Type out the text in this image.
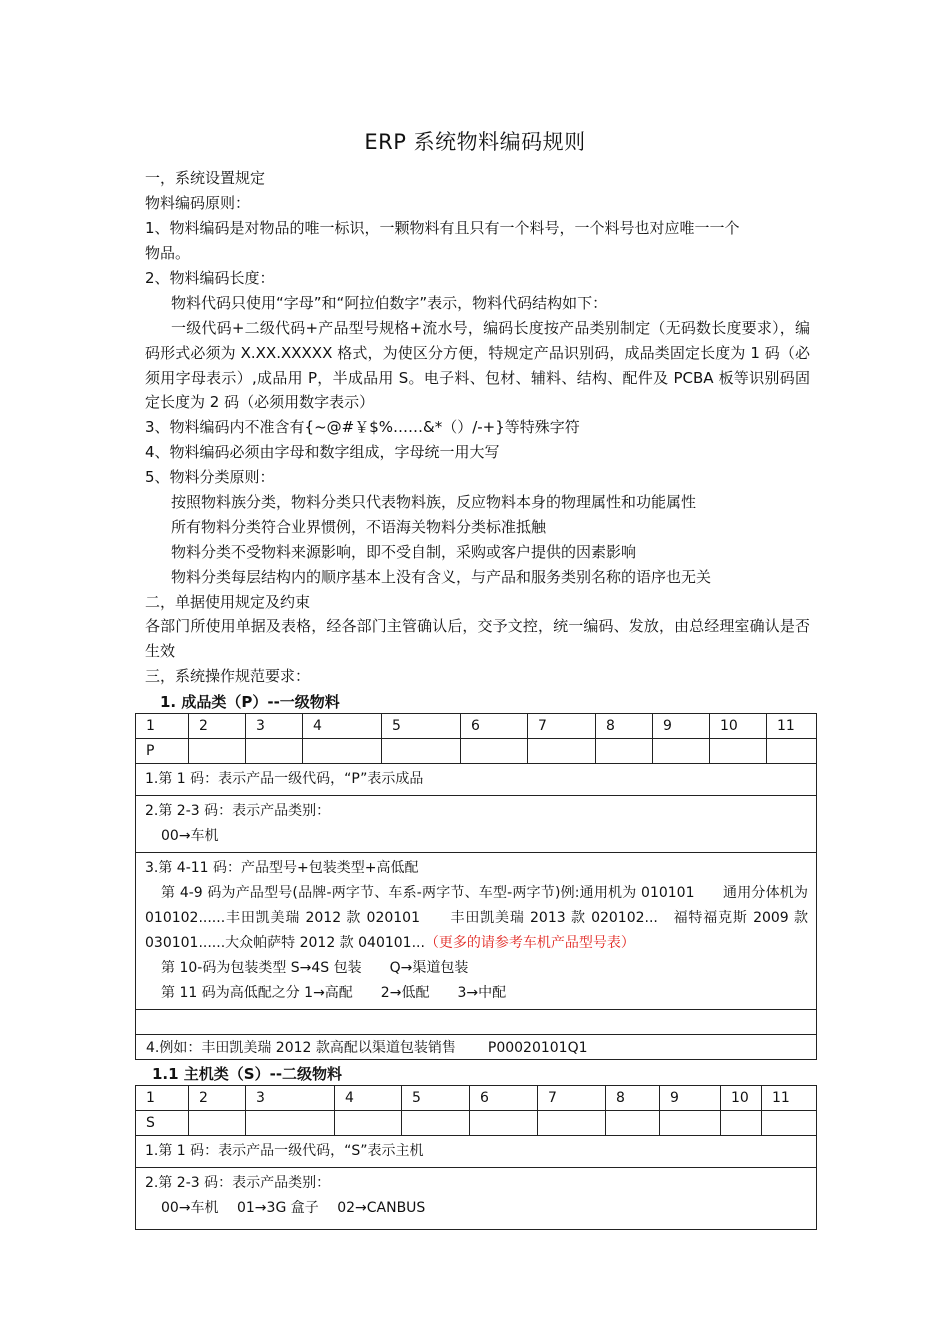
ERP 系统物料编码规则
一，系统设置规定
物料编码原则：
1、物料编码是对物品的唯一标识，一颗物料有且只有一个料号，一个料号也对应唯一一个
物品。
2、物料编码长度：
物料代码只使用“字母”和“阿拉伯数字”表示，物料代码结构如下：
一级代码+二级代码+产品型号规格+流水号，编码长度按产品类别制定（无码数长度要求），编码形式必须为 X.XX.XXXXX 格式，为使区分方便，特规定产品识别码，成品类固定长度为 1 码（必须用字母表示）,成品用 P，半成品用 S。电子料、包材、辅料、结构、配件及 PCBA 板等识别码固定长度为 2 码（必须用数字表示）
3、物料编码内不准含有{~@#￥$%……&*（）/-+}等特殊字符
4、物料编码必须由字母和数字组成，字母统一用大写
5、物料分类原则：
按照物料族分类，物料分类只代表物料族，反应物料本身的物理属性和功能属性
所有物料分类符合业界惯例，不语海关物料分类标准抵触
物料分类不受物料来源影响，即不受自制，采购或客户提供的因素影响
物料分类每层结构内的顺序基本上没有含义，与产品和服务类别名称的语序也无关
二，单据使用规定及约束
各部门所使用单据及表格，经各部门主管确认后，交予文控，统一编码、发放，由总经理室确认是否生效
三，系统操作规范要求：
1. 成品类（P）--一级物料
1	2	3	4	5	6	7	8	9	10	11
P										
1.第 1 码：表示产品一级代码，“P”表示成品										

2.第 2-3 码：表示产品类别：
00→车机										

3.第 4-11 码：产品型号+包装类型+高低配
第 4-9 码为产品型号(品牌-两字节、车系-两字节、车型-两字节)例:通用机为 010101　　通用分体机为 010102......丰田凯美瑞 2012 款 020101　　丰田凯美瑞 2013 款 020102...　福特福克斯 2009 款 030101......大众帕萨特 2012 款 040101...（更多的请参考车机产品型号表）
第 10-码为包装类型 S→4S 包装　　Q→渠道包装
第 11 码为高低配之分 1→高配　　2→低配　　3→中配										

4.例如：丰田凯美瑞 2012 款高配以渠道包装销售 P00020101Q1										
1.1 主机类（S）--二级物料
1	2	3	4	5	6	7	8	9	10	11
S										
1.第 1 码：表示产品一级代码，“S”表示主机										

2.第 2-3 码：表示产品类别：
00→车机　 01→3G 盒子　 02→CANBUS										
